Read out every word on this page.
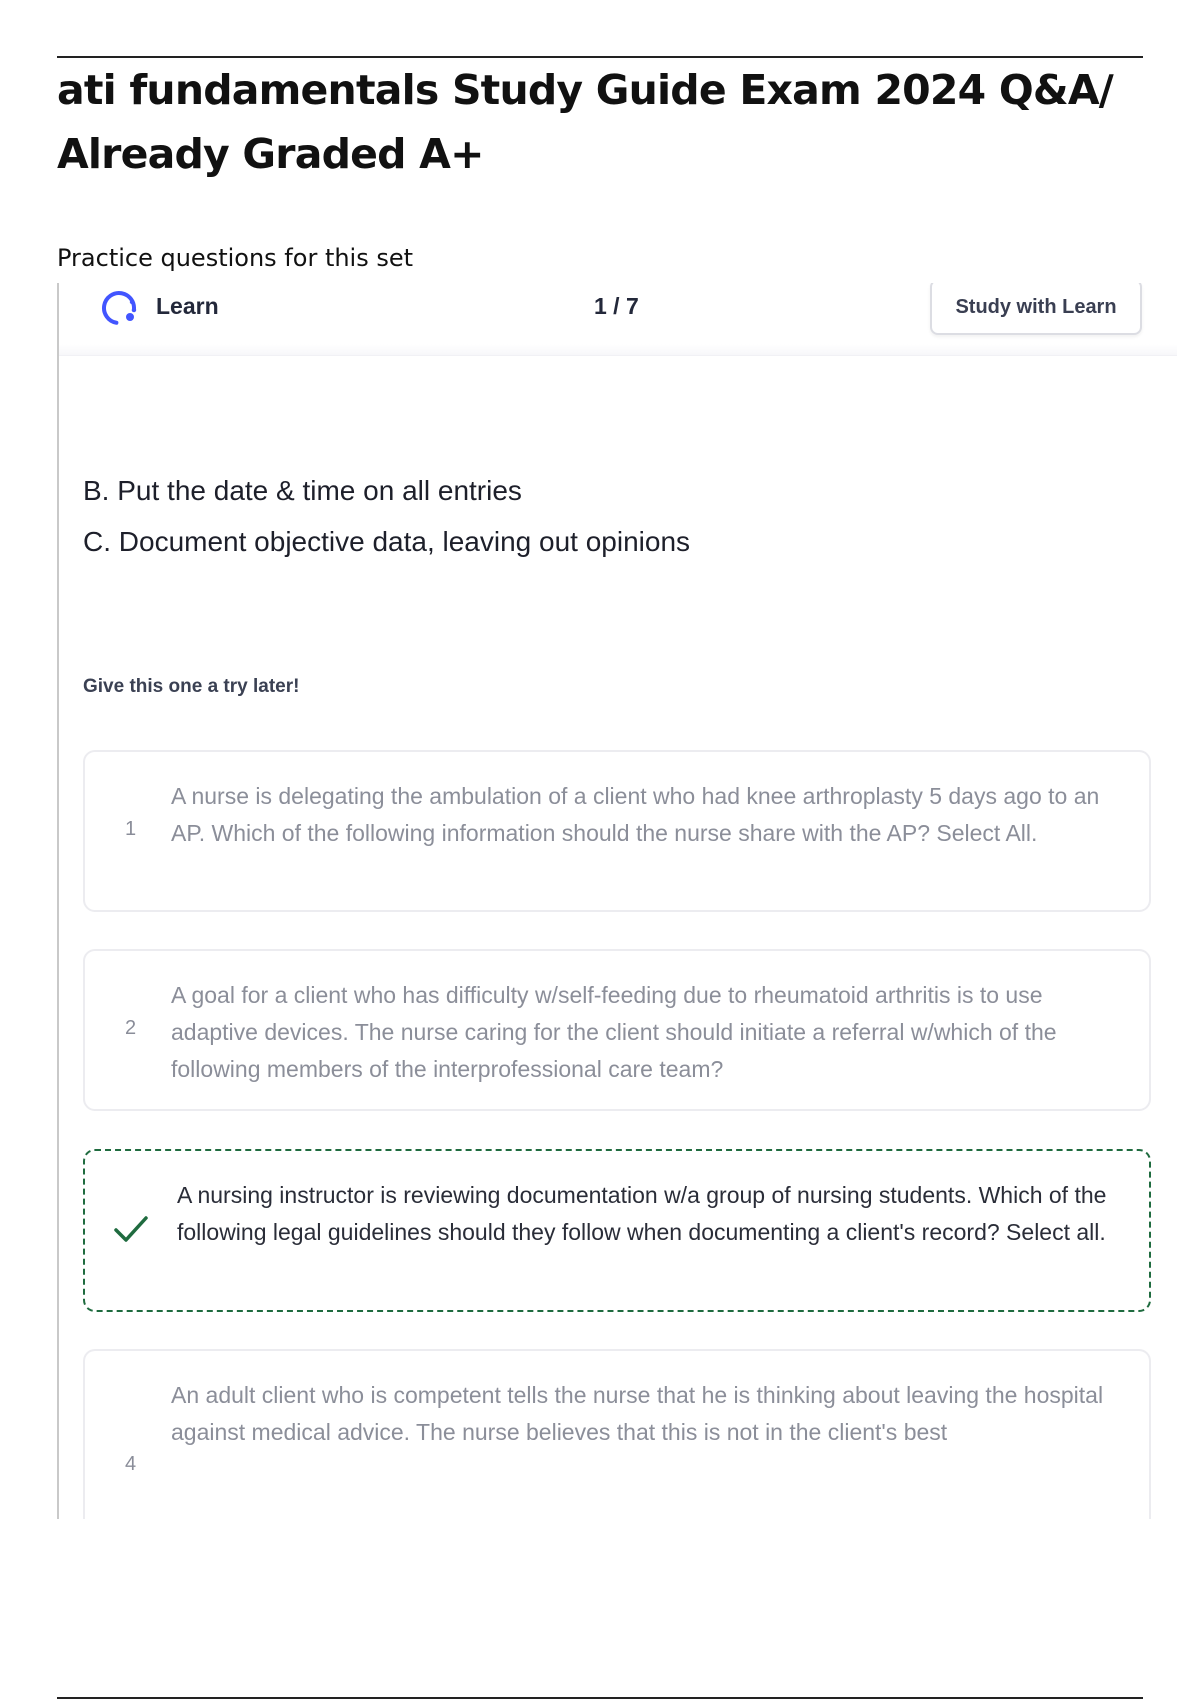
ati fundamentals Study Guide Exam 2024 Q&A/ Already Graded A+
Practice questions for this set
Learn	1 / 7	Study with Learn
B. Put the date & time on all entries
C. Document objective data, leaving out opinions
Give this one a try later!
1
A nurse is delegating the ambulation of a client who had knee arthroplasty 5 days ago to an AP. Which of the following information should the nurse share with the AP? Select All.
2
A goal for a client who has difficulty w/self-feeding due to rheumatoid arthritis is to use adaptive devices. The nurse caring for the client should initiate a referral w/which of the following members of the interprofessional care team?
A nursing instructor is reviewing documentation w/a group of nursing students. Which of the following legal guidelines should they follow when documenting a client's record? Select all.
4
An adult client who is competent tells the nurse that he is thinking about leaving the hospital against medical advice. The nurse believes that this is not in the client's best
